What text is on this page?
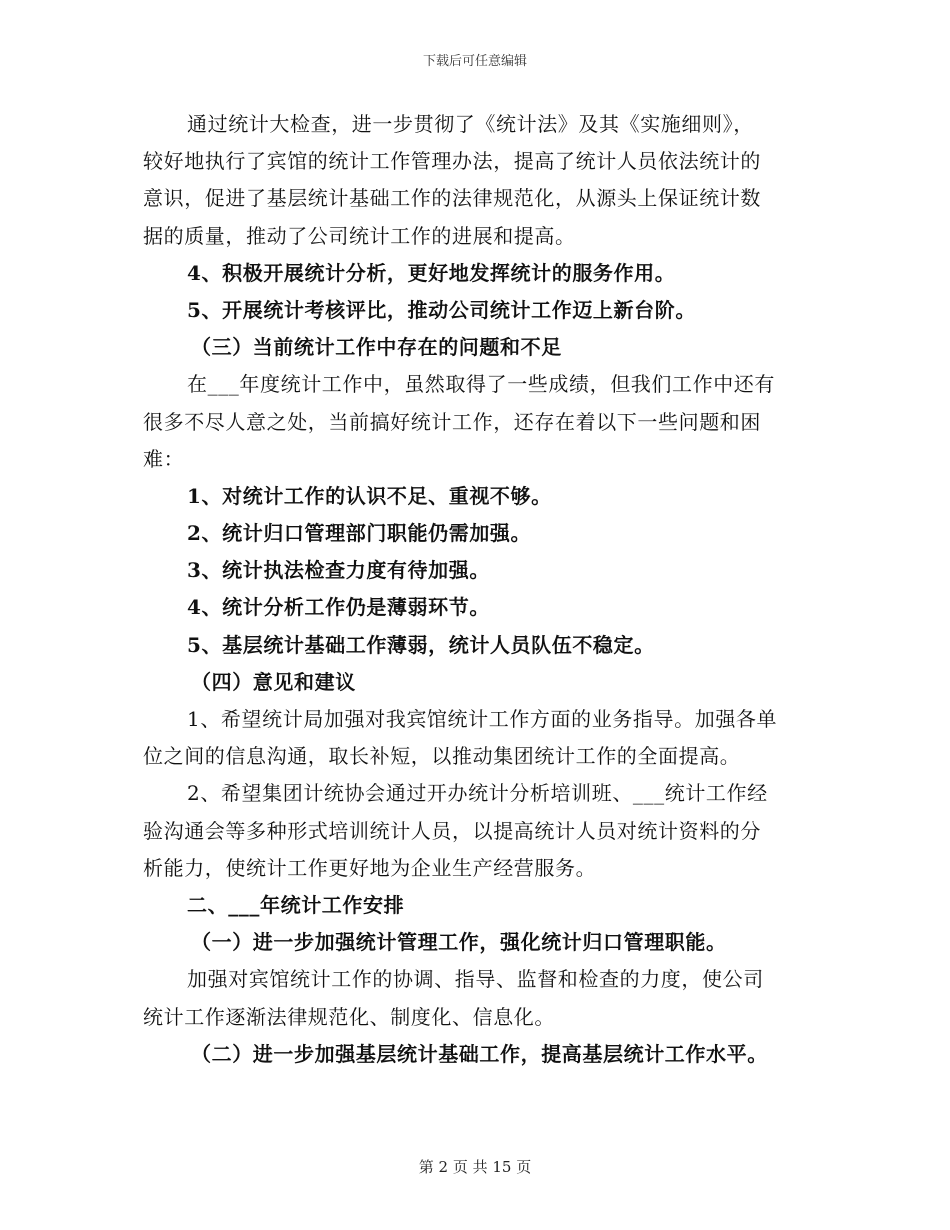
下载后可任意编辑
通过统计大检查，进一步贯彻了《统计法》及其《实施细则》，
较好地执行了宾馆的统计工作管理办法，提高了统计人员依法统计的
意识，促进了基层统计基础工作的法律规范化，从源头上保证统计数
据的质量，推动了公司统计工作的进展和提高。
4、积极开展统计分析，更好地发挥统计的服务作用。
5、开展统计考核评比，推动公司统计工作迈上新台阶。
（三）当前统计工作中存在的问题和不足
在___年度统计工作中，虽然取得了一些成绩，但我们工作中还有
很多不尽人意之处，当前搞好统计工作，还存在着以下一些问题和困
难：
1、对统计工作的认识不足、重视不够。
2、统计归口管理部门职能仍需加强。
3、统计执法检查力度有待加强。
4、统计分析工作仍是薄弱环节。
5、基层统计基础工作薄弱，统计人员队伍不稳定。
（四）意见和建议
1、希望统计局加强对我宾馆统计工作方面的业务指导。加强各单
位之间的信息沟通，取长补短，以推动集团统计工作的全面提高。
2、希望集团计统协会通过开办统计分析培训班、___统计工作经
验沟通会等多种形式培训统计人员，以提高统计人员对统计资料的分
析能力，使统计工作更好地为企业生产经营服务。
二、___年统计工作安排
（一）进一步加强统计管理工作，强化统计归口管理职能。
加强对宾馆统计工作的协调、指导、监督和检查的力度，使公司
统计工作逐渐法律规范化、制度化、信息化。
（二）进一步加强基层统计基础工作，提高基层统计工作水平。
第 2 页 共 15 页
